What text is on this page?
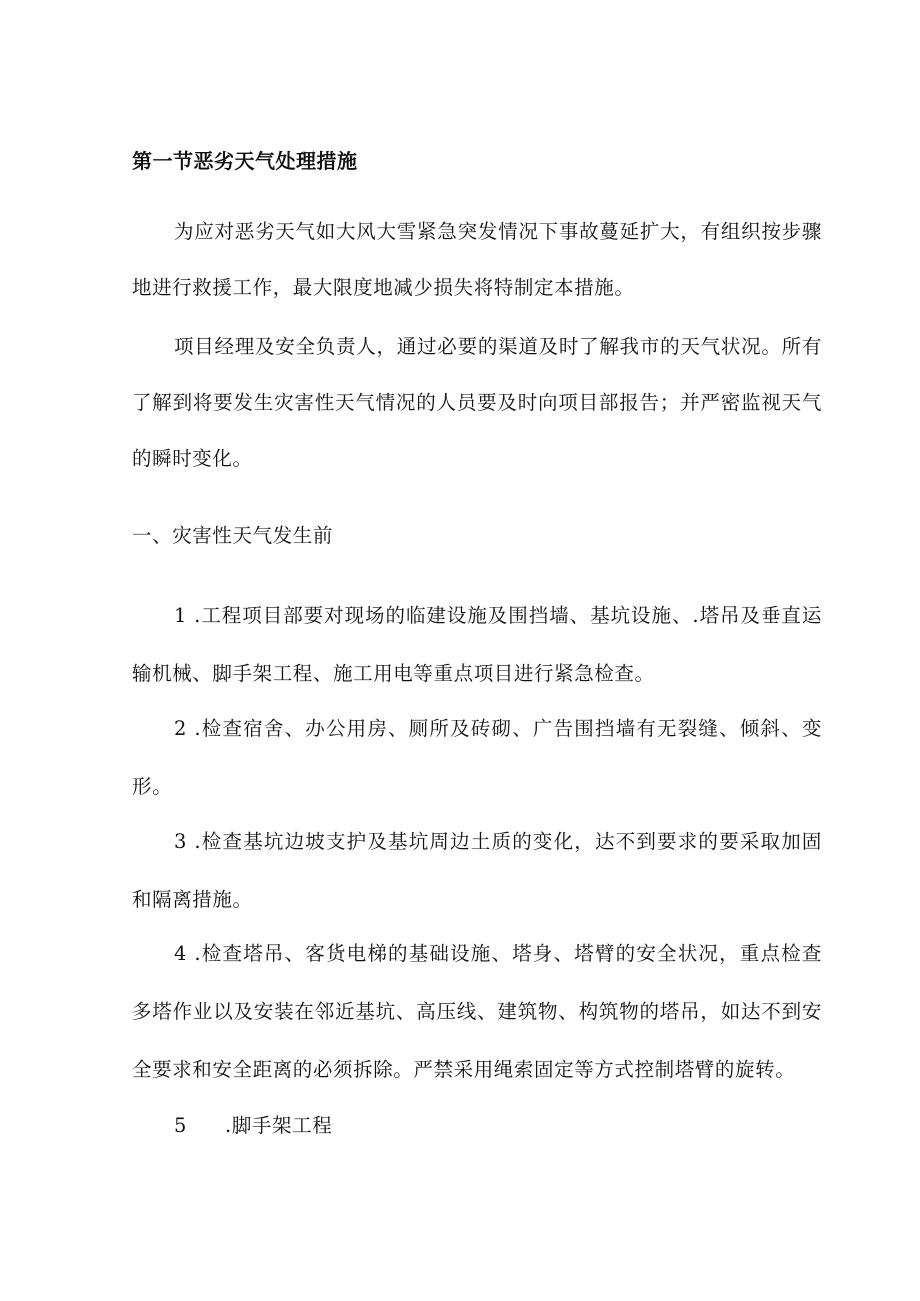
第一节恶劣天气处理措施

为应对恶劣天气如大风大雪紧急突发情况下事故蔓延扩大，有组织按步骤地进行救援工作，最大限度地减少损失将特制定本措施。

项目经理及安全负责人，通过必要的渠道及时了解我市的天气状况。所有了解到将要发生灾害性天气情况的人员要及时向项目部报告；并严密监视天气的瞬时变化。

一、灾害性天气发生前

1 .工程项目部要对现场的临建设施及围挡墙、基坑设施、.塔吊及垂直运输机械、脚手架工程、施工用电等重点项目进行紧急检查。

2 .检查宿舍、办公用房、厕所及砖砌、广告围挡墙有无裂缝、倾斜、变形。

3 .检查基坑边坡支护及基坑周边土质的变化，达不到要求的要采取加固和隔离措施。

4 .检查塔吊、客货电梯的基础设施、塔身、塔臂的安全状况，重点检查多塔作业以及安装在邻近基坑、高压线、建筑物、构筑物的塔吊，如达不到安全要求和安全距离的必须拆除。严禁采用绳索固定等方式控制塔臂的旋转。

5 .脚手架工程
